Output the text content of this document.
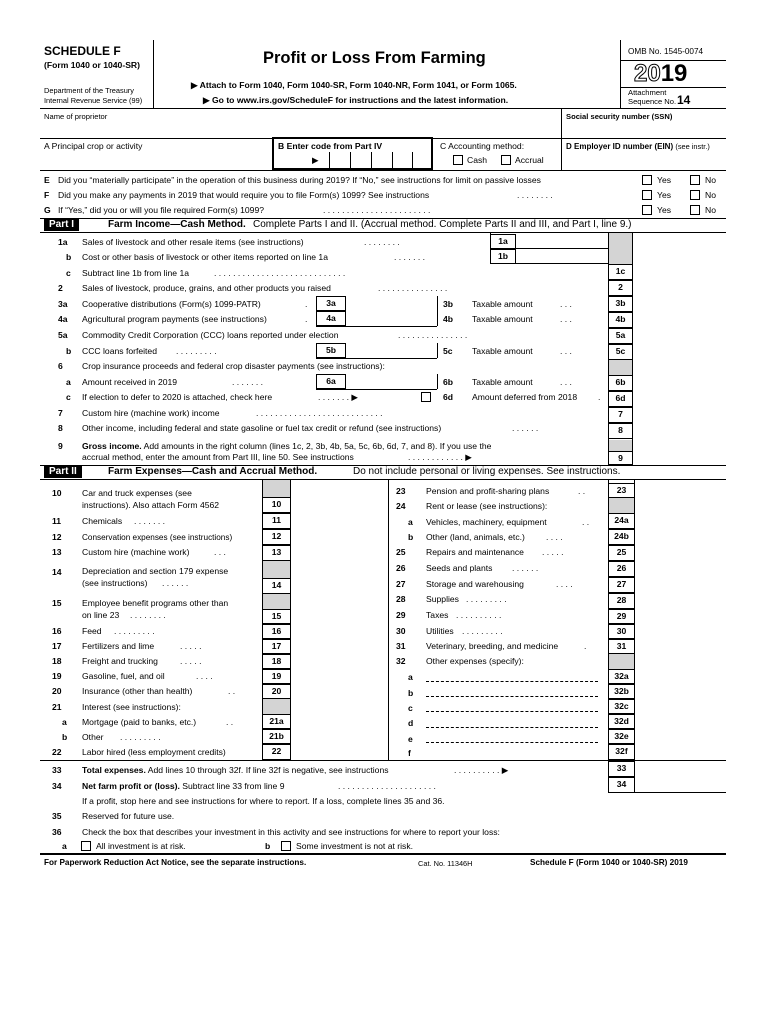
SCHEDULE F
(Form 1040 or 1040-SR)
Department of the Treasury
Internal Revenue Service (99)
Profit or Loss From Farming
▶ Attach to Form 1040, Form 1040-SR, Form 1040-NR, Form 1041, or Form 1065.
▶ Go to www.irs.gov/ScheduleF for instructions and the latest information.
OMB No. 1545-0074
2019
Attachment
Sequence No. 14
Name of proprietor	Social security number (SSN)
A Principal crop or activity	B Enter code from Part IV
▶
C Accounting method:
Cash	Accrual
D Employer ID number (EIN) (see instr.)
E Did you “materially participate” in the operation of this business during 2019? If “No,” see instructions for limit on passive losses
F Did you make any payments in 2019 that would require you to file Form(s) 1099? See instructions	. . . . . . . .
G If “Yes,” did you or will you file required Form(s) 1099?	. . . . . . . . . . . . . . . . . . . . . . .
Yes	No
Yes	No
Yes	No
Part I	Farm Income—Cash Method. Complete Parts I and II. (Accrual method. Complete Parts II and III, and Part I, line 9.)
1a Sales of livestock and other resale items (see instructions)	. . . . . . . .	1a
b Cost or other basis of livestock or other items reported on line 1a	. . . . . . .	1b
c Subtract line 1b from line 1a	. . . . . . . . . . . . . . . . . . . . . . . . . . . .	1c
2 Sales of livestock, produce, grains, and other products you raised	. . . . . . . . . . . . . . .	2
3a Cooperative distributions (Form(s) 1099-PATR)	.	3a	3b Taxable amount	. . .	3b
4a Agricultural program payments (see instructions)	.	4a	4b Taxable amount	. . .	4b
5a Commodity Credit Corporation (CCC) loans reported under election	. . . . . . . . . . . . . . .	5a
b CCC loans forfeited . . . . . . . . .	5b	5c Taxable amount	. . .	5c
6 Crop insurance proceeds and federal crop disaster payments (see instructions):
a Amount received in 2019	. . . . . . .	6a	6b Taxable amount	. . .	6b
c If election to defer to 2020 is attached, check here	. . . . . . . ▶	6d Amount deferred from 2018 .	6d
7 Custom hire (machine work) income	. . . . . . . . . . . . . . . . . . . . . . . . . . .	7
8 Other income, including federal and state gasoline or fuel tax credit or refund (see instructions)	. . . . . .	8
9 Gross income. Add amounts in the right column (lines 1c, 2, 3b, 4b, 5a, 5c, 6b, 6d, 7, and 8). If you use the
accrual method, enter the amount from Part III, line 50. See instructions	. . . . . . . . . . . . ▶	9
Part II	Farm Expenses—Cash and Accrual Method.	Do not include personal or living expenses. See instructions.
10 Car and truck expenses (see
instructions). Also attach Form 4562	10
11 Chemicals . . . . . . .	11
12 Conservation expenses (see instructions)	12
13 Custom hire (machine work)	. . .	13
14 Depreciation and section 179 expense
(see instructions) . . . . . .	14
15 Employee benefit programs other than
on line 23 . . . . . . . .	15
16 Feed . . . . . . . . .	16
17 Fertilizers and lime	. . . . .	17
18 Freight and trucking	. . . . .	18
19 Gasoline, fuel, and oil	. . . .	19
20 Insurance (other than health)	. .	20
21 Interest (see instructions):
a Mortgage (paid to banks, etc.)	. .	21a
b Other . . . . . . . . .	21b
22 Labor hired (less employment credits)	22
23 Pension and profit-sharing plans	. .	23
24 Rent or lease (see instructions):
a Vehicles, machinery, equipment	. .	24a
b Other (land, animals, etc.) . . . .	24b
25 Repairs and maintenance . . . . .	25
26 Seeds and plants . . . . . .	26
27 Storage and warehousing	. . . .	27
28 Supplies . . . . . . . . .	28
29 Taxes . . . . . . . . . .	29
30 Utilities . . . . . . . . .	30
31 Veterinary, breeding, and medicine	.	31
32 Other expenses (specify):
a	32a
b	32b
c	32c
d	32d
e	32e
f	32f
33 Total expenses. Add lines 10 through 32f. If line 32f is negative, see instructions	. . . . . . . . . . ▶	33
34 Net farm profit or (loss). Subtract line 33 from line 9	. . . . . . . . . . . . . . . . . . . . .	34
If a profit, stop here and see instructions for where to report. If a loss, complete lines 35 and 36.
35 Reserved for future use.
36 Check the box that describes your investment in this activity and see instructions for where to report your loss:
a	All investment is at risk.	b	Some investment is not at risk.
For Paperwork Reduction Act Notice, see the separate instructions.	Cat. No. 11346H	Schedule F (Form 1040 or 1040-SR) 2019
